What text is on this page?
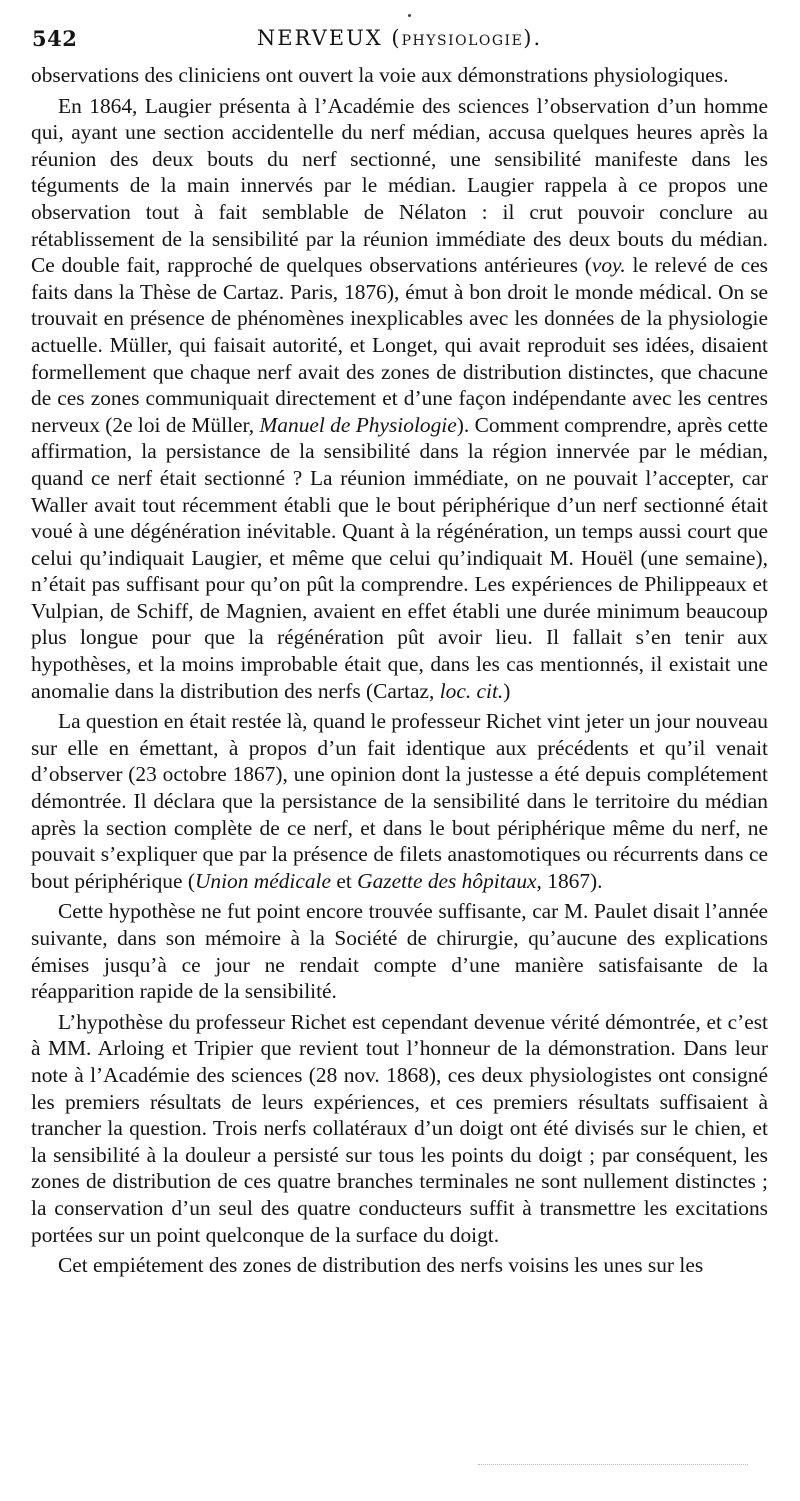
542	NERVEUX (PHYSIOLOGIE).

observations des cliniciens ont ouvert la voie aux démonstrations physiologiques.

En 1864, Laugier présenta à l’Académie des sciences l’observation d’un homme qui, ayant une section accidentelle du nerf médian, accusa quelques heures après la réunion des deux bouts du nerf sectionné, une sensibilité manifeste dans les téguments de la main innervés par le médian. Laugier rappela à ce propos une observation tout à fait semblable de Nélaton : il crut pouvoir conclure au rétablissement de la sensibilité par la réunion immédiate des deux bouts du médian. Ce double fait, rapproché de quelques observations antérieures (voy. le relevé de ces faits dans la Thèse de Cartaz. Paris, 1876), émut à bon droit le monde médical. On se trouvait en présence de phénomènes inexplicables avec les données de la physiologie actuelle. Müller, qui faisait autorité, et Longet, qui avait reproduit ses idées, disaient formellement que chaque nerf avait des zones de distribution distinctes, que chacune de ces zones communiquait directement et d’une façon indépendante avec les centres nerveux (2e loi de Müller, Manuel de Physiologie). Comment comprendre, après cette affirmation, la persistance de la sensibilité dans la région innervée par le médian, quand ce nerf était sectionné ? La réunion immédiate, on ne pouvait l’accepter, car Waller avait tout récemment établi que le bout périphérique d’un nerf sectionné était voué à une dégénération inévitable. Quant à la régénération, un temps aussi court que celui qu’indiquait Laugier, et même que celui qu’indiquait M. Houël (une semaine), n’était pas suffisant pour qu’on pût la comprendre. Les expériences de Philippeaux et Vulpian, de Schiff, de Magnien, avaient en effet établi une durée minimum beaucoup plus longue pour que la régénération pût avoir lieu. Il fallait s’en tenir aux hypothèses, et la moins improbable était que, dans les cas mentionnés, il existait une anomalie dans la distribution des nerfs (Cartaz, loc. cit.)

La question en était restée là, quand le professeur Richet vint jeter un jour nouveau sur elle en émettant, à propos d’un fait identique aux précédents et qu’il venait d’observer (23 octobre 1867), une opinion dont la justesse a été depuis complétement démontrée. Il déclara que la persistance de la sensibilité dans le territoire du médian après la section complète de ce nerf, et dans le bout périphérique même du nerf, ne pouvait s’expliquer que par la présence de filets anastomotiques ou récurrents dans ce bout périphérique (Union médicale et Gazette des hôpitaux, 1867).

Cette hypothèse ne fut point encore trouvée suffisante, car M. Paulet disait l’année suivante, dans son mémoire à la Société de chirurgie, qu’aucune des explications émises jusqu’à ce jour ne rendait compte d’une manière satisfaisante de la réapparition rapide de la sensibilité.

L’hypothèse du professeur Richet est cependant devenue vérité démontrée, et c’est à MM. Arloing et Tripier que revient tout l’honneur de la démonstration. Dans leur note à l’Académie des sciences (28 nov. 1868), ces deux physiologistes ont consigné les premiers résultats de leurs expériences, et ces premiers résultats suffisaient à trancher la question. Trois nerfs collatéraux d’un doigt ont été divisés sur le chien, et la sensibilité à la douleur a persisté sur tous les points du doigt ; par conséquent, les zones de distribution de ces quatre branches terminales ne sont nullement distinctes ; la conservation d’un seul des quatre conducteurs suffit à transmettre les excitations portées sur un point quelconque de la surface du doigt.

Cet empiétement des zones de distribution des nerfs voisins les unes sur les
